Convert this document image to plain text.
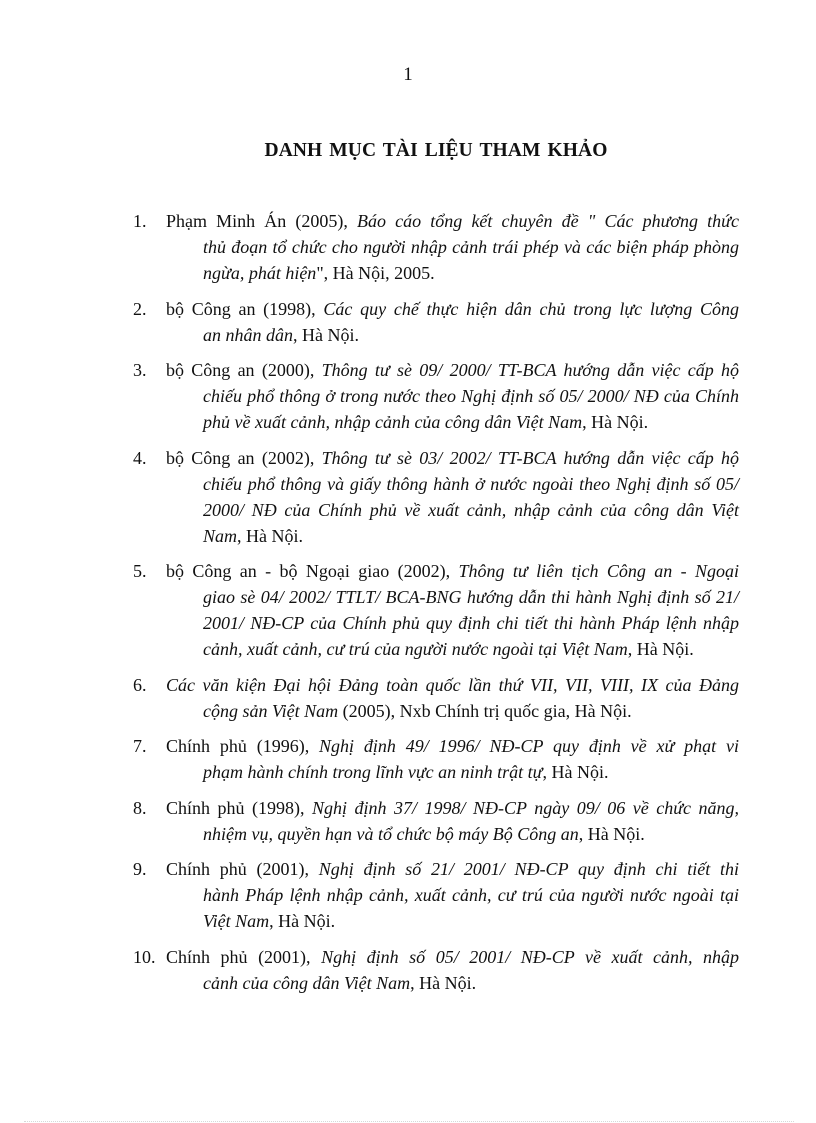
1
DANH MỤC TÀI LIỆU THAM KHẢO
1. Phạm Minh Án (2005), Báo cáo tổng kết chuyên đề " Các phương thức
thủ đoạn tổ chức cho người nhập cảnh trái phép và các biện pháp phòng ngừa, phát hiện", Hà Nội, 2005.
2. bộ Công an (1998), Các quy chế thực hiện dân chủ trong lực lượng Công
an nhân dân, Hà Nội.
3. bộ Công an (2000), Thông tư sè 09/ 2000/ TT-BCA hướng dẫn việc cấp hộ
chiếu phổ thông ở trong nước theo Nghị định số 05/ 2000/ NĐ của Chính phủ về xuất cảnh, nhập cảnh của công dân Việt Nam, Hà Nội.
4. bộ Công an (2002), Thông tư sè 03/ 2002/ TT-BCA hướng dẫn việc cấp hộ
chiếu phổ thông và giấy thông hành ở nước ngoài theo Nghị định số 05/ 2000/ NĐ của Chính phủ về xuất cảnh, nhập cảnh của công dân Việt Nam, Hà Nội.
5. bộ Công an - bộ Ngoại giao (2002), Thông tư liên tịch Công an - Ngoại
giao sè 04/ 2002/ TTLT/ BCA-BNG hướng dẫn thi hành Nghị định số 21/ 2001/ NĐ-CP của Chính phủ quy định chi tiết thi hành Pháp lệnh nhập cảnh, xuất cảnh, cư trú của người nước ngoài tại Việt Nam, Hà Nội.
6. Các văn kiện Đại hội Đảng toàn quốc lần thứ VII, VII, VIII, IX của Đảng
cộng sản Việt Nam (2005), Nxb Chính trị quốc gia, Hà Nội.
7. Chính phủ (1996), Nghị định 49/ 1996/ NĐ-CP quy định về xử phạt vi
phạm hành chính trong lĩnh vực an ninh trật tự, Hà Nội.
8. Chính phủ (1998), Nghị định 37/ 1998/ NĐ-CP ngày 09/ 06 về chức năng,
nhiệm vụ, quyền hạn và tổ chức bộ máy Bộ Công an, Hà Nội.
9. Chính phủ (2001), Nghị định số 21/ 2001/ NĐ-CP quy định chi tiết thi
hành Pháp lệnh nhập cảnh, xuất cảnh, cư trú của người nước ngoài tại Việt Nam, Hà Nội.
10. Chính phủ (2001), Nghị định số 05/ 2001/ NĐ-CP về xuất cảnh, nhập
cảnh của công dân Việt Nam, Hà Nội.
